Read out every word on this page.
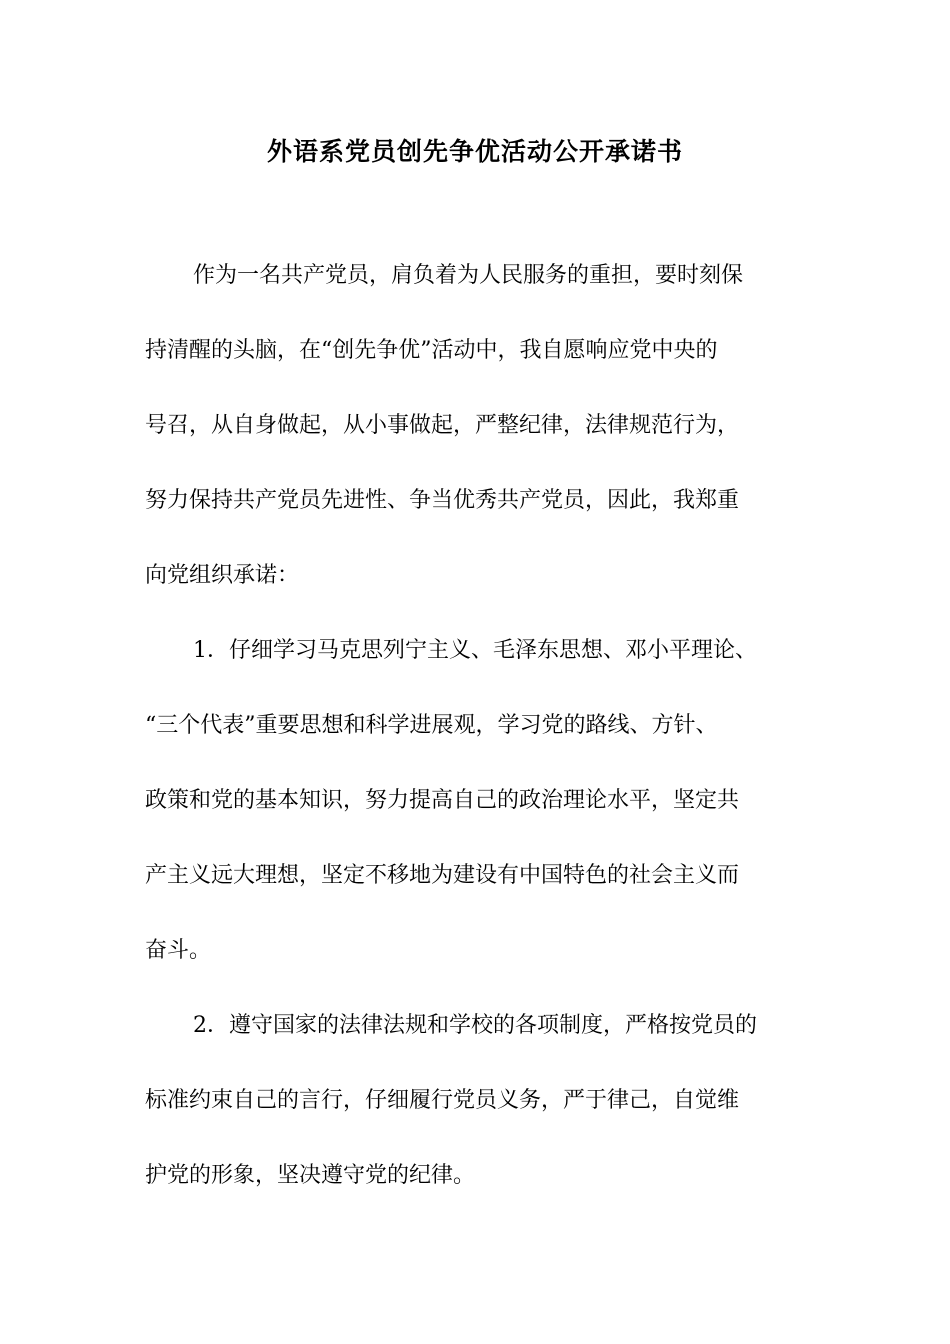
外语系党员创先争优活动公开承诺书
作为一名共产党员，肩负着为人民服务的重担，要时刻保
持清醒的头脑，在“创先争优”活动中，我自愿响应党中央的
号召，从自身做起，从小事做起，严整纪律，法律规范行为，
努力保持共产党员先进性、争当优秀共产党员，因此，我郑重
向党组织承诺：
1．仔细学习马克思列宁主义、毛泽东思想、邓小平理论、
“三个代表”重要思想和科学进展观，学习党的路线、方针、
政策和党的基本知识，努力提高自己的政治理论水平，坚定共
产主义远大理想，坚定不移地为建设有中国特色的社会主义而
奋斗。
2．遵守国家的法律法规和学校的各项制度，严格按党员的
标准约束自己的言行，仔细履行党员义务，严于律己，自觉维
护党的形象，坚决遵守党的纪律。
